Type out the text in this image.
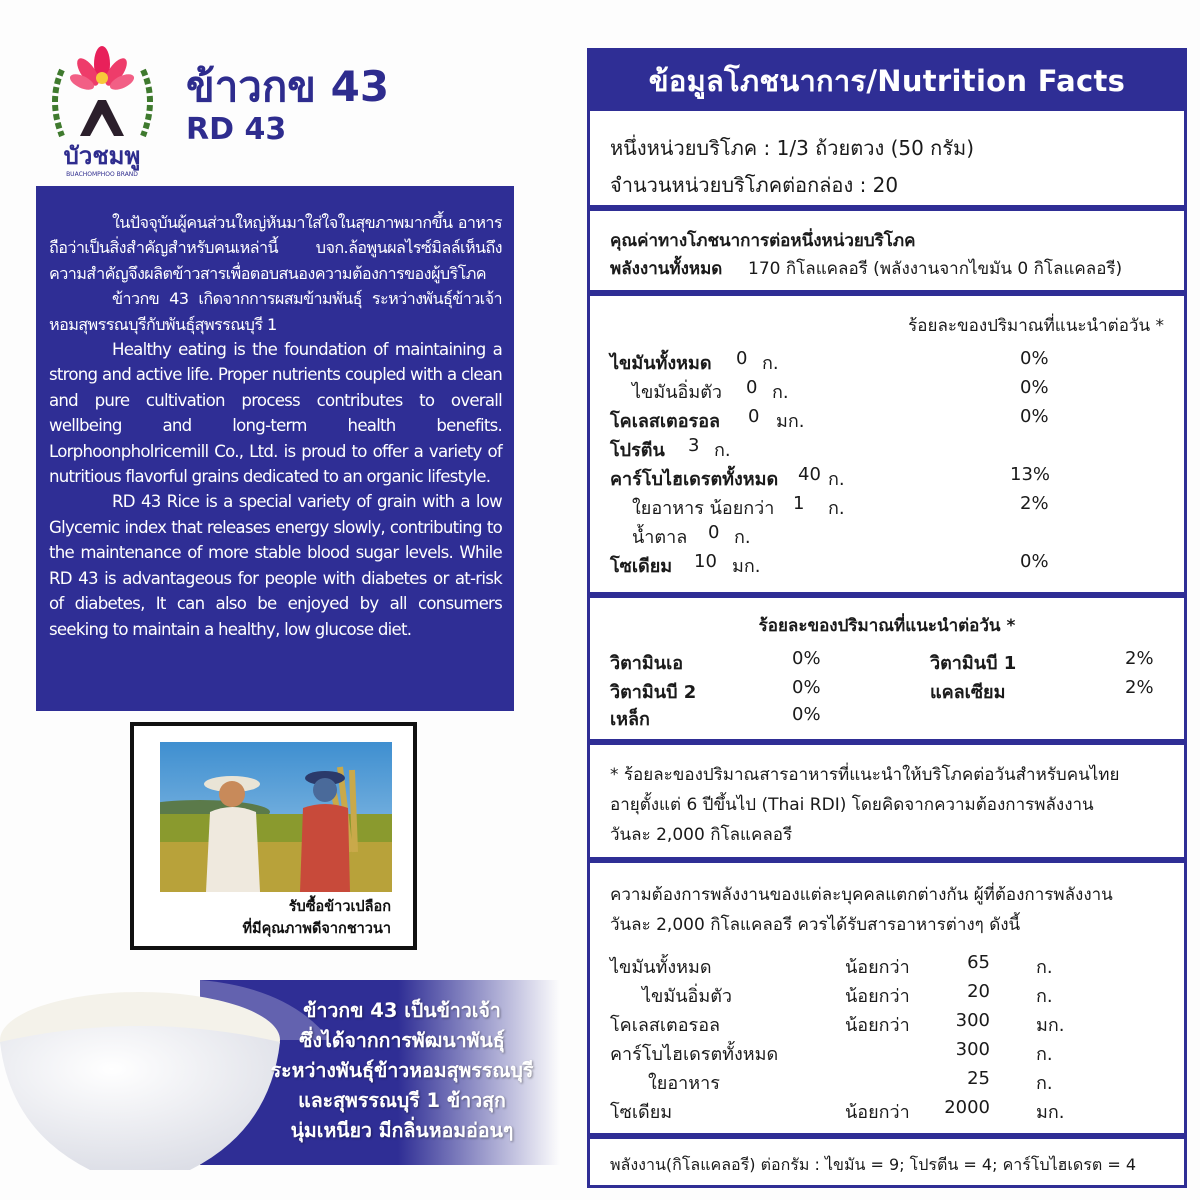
บัวชมพู
BUACHOMPHOO BRAND
ข้าวกข 43
RD 43

ในปัจจุบันผู้คนส่วนใหญ่หันมาใส่ใจในสุขภาพมากขึ้น อาหารถือว่าเป็นสิ่งสำคัญสำหรับคนเหล่านี้ บจก.ล้อพูนผลไรซ์มิลล์เห็นถึงความสำคัญจึงผลิตข้าวสารเพื่อตอบสนองความต้องการของผู้บริโภค

ข้าวกข 43 เกิดจากการผสมข้ามพันธุ์ ระหว่างพันธุ์ข้าวเจ้าหอมสุพรรณบุรีกับพันธุ์สุพรรณบุรี 1

Healthy eating is the foundation of maintaining a strong and active life. Proper nutrients coupled with a clean and pure cultivation process contributes to overall wellbeing and long-term health benefits. Lorphoonpholricemill Co., Ltd. is proud to offer a variety of nutritious flavorful grains dedicated to an organic lifestyle.

RD 43 Rice is a special variety of grain with a low Glycemic index that releases energy slowly, contributing to the maintenance of more stable blood sugar levels. While RD 43 is advantageous for people with diabetes or at-risk of diabetes, It can also be enjoyed by all consumers seeking to maintain a healthy, low glucose diet.

รับซื้อข้าวเปลือก
ที่มีคุณภาพดีจากชาวนา
ข้าวกข 43 เป็นข้าวเจ้า
ซึ่งได้จากการพัฒนาพันธุ์
ระหว่างพันธุ์ข้าวหอมสุพรรณบุรี
และสุพรรณบุรี 1 ข้าวสุก
นุ่มเหนียว มีกลิ่นหอมอ่อนๆ
ข้อมูลโภชนาการ/Nutrition Facts
หนึ่งหน่วยบริโภค : 1/3 ถ้วยตวง (50 กรัม)
จำนวนหน่วยบริโภคต่อกล่อง : 20
คุณค่าทางโภชนาการต่อหนึ่งหน่วยบริโภค
พลังงานทั้งหมด 170 กิโลแคลอรี (พลังงานจากไขมัน 0 กิโลแคลอรี)
ร้อยละของปริมาณที่แนะนำต่อวัน *
ไขมันทั้งหมด 0 ก.	0%
ไขมันอิ่มตัว 0 ก.	0%
โคเลสเตอรอล 0 มก.	0%
โปรตีน 3 ก.
คาร์โบไฮเดรตทั้งหมด 40 ก.	13%
ใยอาหาร น้อยกว่า 1 ก.	2%
น้ำตาล 0 ก.
โซเดียม 10 มก.	0%
ร้อยละของปริมาณที่แนะนำต่อวัน *
วิตามินเอ	0%	วิตามินบี 1	2%
วิตามินบี 2	0%	แคลเซียม	2%
เหล็ก	0%
* ร้อยละของปริมาณสารอาหารที่แนะนำให้บริโภคต่อวันสำหรับคนไทย
อายุตั้งแต่ 6 ปีขึ้นไป (Thai RDI) โดยคิดจากความต้องการพลังงาน
วันละ 2,000 กิโลแคลอรี
ความต้องการพลังงานของแต่ละบุคคลแตกต่างกัน ผู้ที่ต้องการพลังงาน
วันละ 2,000 กิโลแคลอรี ควรได้รับสารอาหารต่างๆ ดังนี้
ไขมันทั้งหมด	น้อยกว่า	65	ก.
ไขมันอิ่มตัว	น้อยกว่า	20	ก.
โคเลสเตอรอล	น้อยกว่า	300	มก.
คาร์โบไฮเดรตทั้งหมด	300	ก.
ใยอาหาร	25	ก.
โซเดียม	น้อยกว่า	2000	มก.
พลังงาน(กิโลแคลอรี) ต่อกรัม : ไขมัน = 9; โปรตีน = 4; คาร์โบไฮเดรต = 4
